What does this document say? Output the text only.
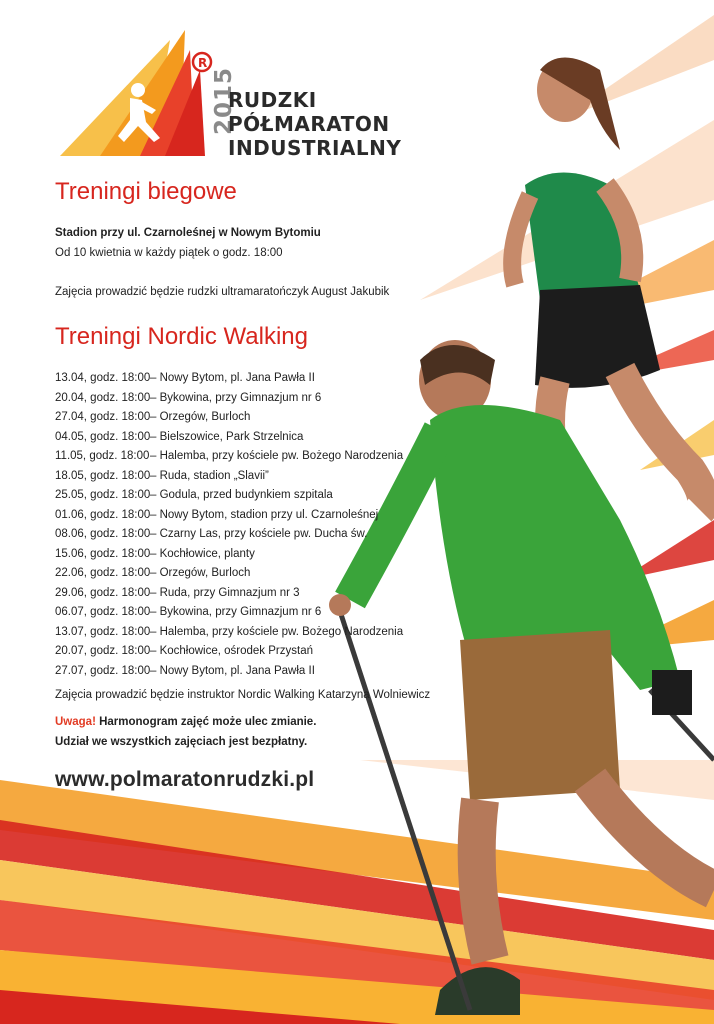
R
2015
RUDZKI
PÓŁMARATON
INDUSTRIALNY
Treningi biegowe
Stadion przy ul. Czarnoleśnej w Nowym Bytomiu
Od 10 kwietnia w każdy piątek o godz. 18:00
Zajęcia prowadzić będzie rudzki ultramaratończyk August Jakubik
Treningi Nordic Walking
13.04, godz. 18:00 – Nowy Bytom, pl. Jana Pawła II
20.04, godz. 18:00 – Bykowina, przy Gimnazjum nr 6
27.04, godz. 18:00 – Orzegów, Burloch
04.05, godz. 18:00 – Bielszowice, Park Strzelnica
11.05, godz. 18:00 – Halemba, przy kościele pw. Bożego Narodzenia
18.05, godz. 18:00 – Ruda, stadion „Slavii”
25.05, godz. 18:00 – Godula, przed budynkiem szpitala
01.06, godz. 18:00 – Nowy Bytom, stadion przy ul. Czarnoleśnej
08.06, godz. 18:00 – Czarny Las, przy kościele pw. Ducha św.
15.06, godz. 18:00 – Kochłowice, planty
22.06, godz. 18:00 – Orzegów, Burloch
29.06, godz. 18:00 – Ruda, przy Gimnazjum nr 3
06.07, godz. 18:00 – Bykowina, przy Gimnazjum nr 6
13.07, godz. 18:00 – Halemba, przy kościele pw. Bożego Narodzenia
20.07, godz. 18:00 – Kochłowice, ośrodek Przystań
27.07, godz. 18:00 – Nowy Bytom, pl. Jana Pawła II
Zajęcia prowadzić będzie instruktor Nordic Walking Katarzyna Wolniewicz
Uwaga! Harmonogram zajęć może ulec zmianie.
Udział we wszystkich zajęciach jest bezpłatny.
www.polmaratonrudzki.pl
